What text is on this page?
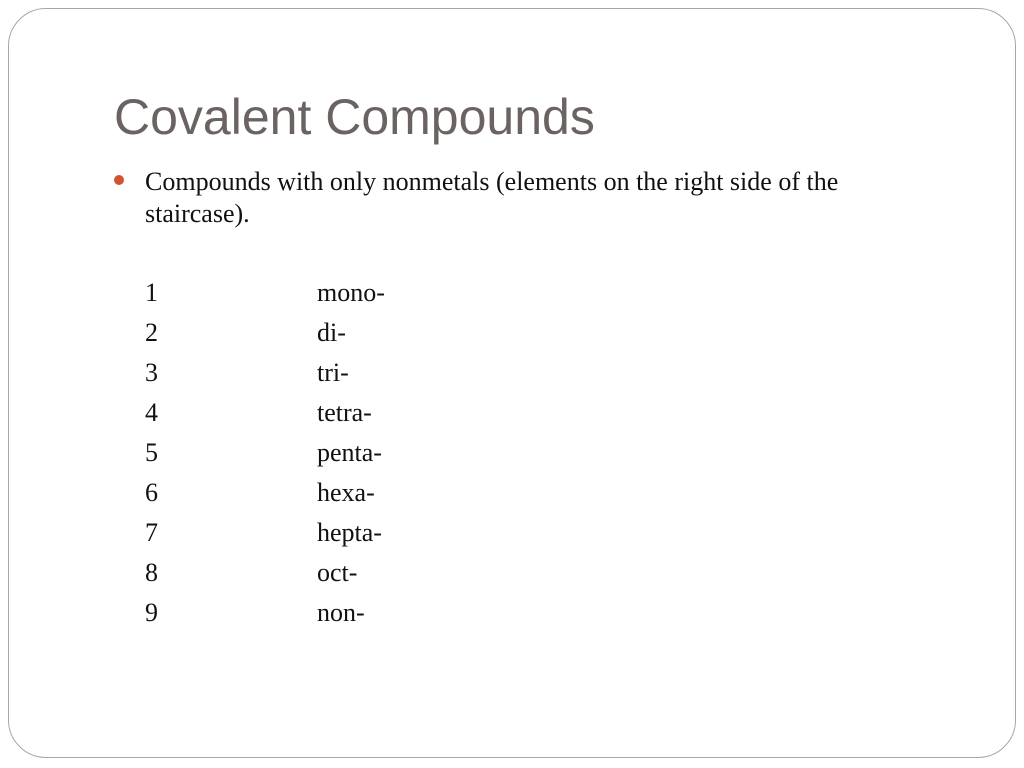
Covalent Compounds
Compounds with only nonmetals (elements on the right side of the staircase).
1	mono-
2	di-
3	tri-
4	tetra-
5	penta-
6	hexa-
7	hepta-
8	oct-
9	non-
